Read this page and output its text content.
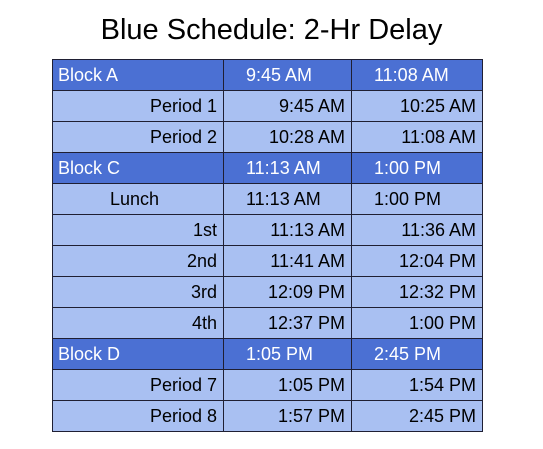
Blue Schedule: 2-Hr Delay
Block A	9:45 AM	11:08 AM
Period 1	9:45 AM	10:25 AM
Period 2	10:28 AM	11:08 AM
Block C	11:13 AM	1:00 PM
Lunch	11:13 AM	1:00 PM
1st	11:13 AM	11:36 AM
2nd	11:41 AM	12:04 PM
3rd	12:09 PM	12:32 PM
4th	12:37 PM	1:00 PM
Block D	1:05 PM	2:45 PM
Period 7	1:05 PM	1:54 PM
Period 8	1:57 PM	2:45 PM
